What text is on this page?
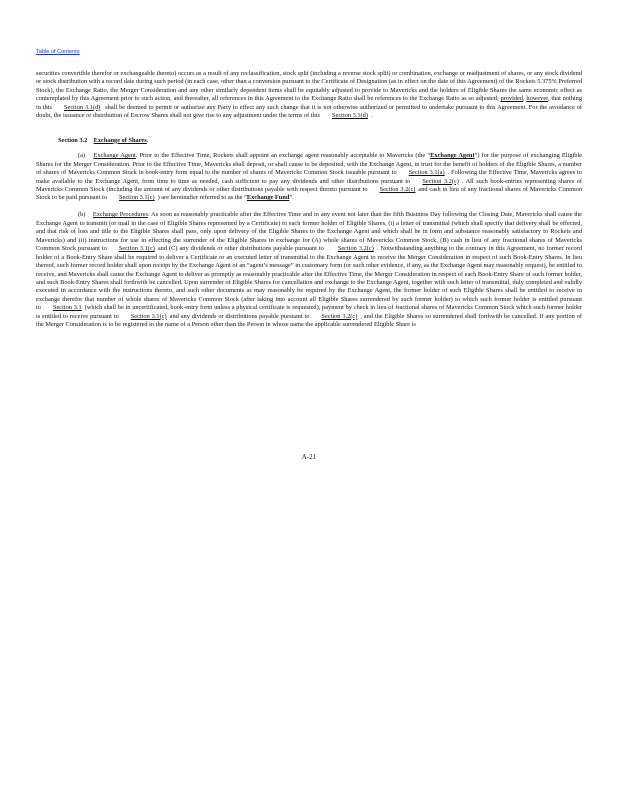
Table of Contents

securities convertible therefor or exchangeable thereto) occurs as a result of any reclassification, stock split (including a reverse stock split) or combination, exchange or readjustment of shares, or any stock dividend or stock distribution with a record date during such period (in each case, other than a conversion pursuant to the Certificate of Designation (as in effect on the date of this Agreement) of the Rockets 5.375% Preferred Stock), the Exchange Ratio, the Merger Consideration and any other similarly dependent items shall be equitably adjusted to provide to Mavericks and the holders of Eligible Shares the same economic effect as contemplated by this Agreement prior to such action, and thereafter, all references in this Agreement to the Exchange Ratio shall be references to the Exchange Ratio as so adjusted; provided, however, that nothing in this Section 3.1(d) shall be deemed to permit or authorize any Party to effect any such change that it is not otherwise authorized or permitted to undertake pursuant to this Agreement. For the avoidance of doubt, the issuance or distribution of Escrow Shares shall not give rise to any adjustment under the terms of this Section 3.1(d) .

Section 3.2 Exchange of Shares.

(a) Exchange Agent. Prior to the Effective Time, Rockets shall appoint an exchange agent reasonably acceptable to Mavericks (the “Exchange Agent”) for the purpose of exchanging Eligible Shares for the Merger Consideration. Prior to the Effective Time, Mavericks shall deposit, or shall cause to be deposited, with the Exchange Agent, in trust for the benefit of holders of the Eligible Shares, a number of shares of Mavericks Common Stock in book-entry form equal to the number of shares of Mavericks Common Stock issuable pursuant to Section 3.1(a) . Following the Effective Time, Mavericks agrees to make available to the Exchange Agent, from time to time as needed, cash sufficient to pay any dividends and other distributions pursuant to Section 3.2(c) . All such book-entries representing shares of Mavericks Common Stock (including the amount of any dividends or other distributions payable with respect thereto pursuant to Section 3.2(c) and cash in lieu of any fractional shares of Mavericks Common Stock to be paid pursuant to Section 3.1(c) ) are hereinafter referred to as the “Exchange Fund”.

(b) Exchange Procedures. As soon as reasonably practicable after the Effective Time and in any event not later than the fifth Business Day following the Closing Date, Mavericks shall cause the Exchange Agent to transmit (or mail in the case of Eligible Shares represented by a Certificate) to each former holder of Eligible Shares, (i) a letter of transmittal (which shall specify that delivery shall be effected, and that risk of loss and title to the Eligible Shares shall pass, only upon delivery of the Eligible Shares to the Exchange Agent and which shall be in form and substance reasonably satisfactory to Rockets and Mavericks) and (ii) instructions for use in effecting the surrender of the Eligible Shares in exchange for (A) whole shares of Mavericks Common Stock, (B) cash in lieu of any fractional shares of Mavericks Common Stock pursuant to Section 3.1(c) and (C) any dividends or other distributions payable pursuant to Section 3.2(c) . Notwithstanding anything to the contrary in this Agreement, no former record holder of a Book-Entry Share shall be required to deliver a Certificate or an executed letter of transmittal to the Exchange Agent to receive the Merger Consideration in respect of such Book-Entry Shares. In lieu thereof, such former record holder shall upon receipt by the Exchange Agent of an “agent’s message” in customary form (or such other evidence, if any, as the Exchange Agent may reasonably request), be entitled to receive, and Mavericks shall cause the Exchange Agent to deliver as promptly as reasonably practicable after the Effective Time, the Merger Consideration in respect of each Book-Entry Share of such former holder, and such Book-Entry Shares shall forthwith be cancelled. Upon surrender of Eligible Shares for cancellation and exchange to the Exchange Agent, together with such letter of transmittal, duly completed and validly executed in accordance with the instructions thereto, and such other documents as may reasonably be required by the Exchange Agent, the former holder of such Eligible Shares shall be entitled to receive in exchange therefor that number of whole shares of Mavericks Common Stock (after taking into account all Eligible Shares surrendered by such former holder) to which such former holder is entitled pursuant to Section 3.1 (which shall be in uncertificated, book-entry form unless a physical certificate is requested), payment by check in lieu of fractional shares of Mavericks Common Stock which such former holder is entitled to receive pursuant to Section 3.1(c) and any dividends or distributions payable pursuant to Section 3.2(c) , and the Eligible Shares so surrendered shall forthwith be cancelled. If any portion of the Merger Consideration is to be registered in the name of a Person other than the Person in whose name the applicable surrendered Eligible Share is

A-21
